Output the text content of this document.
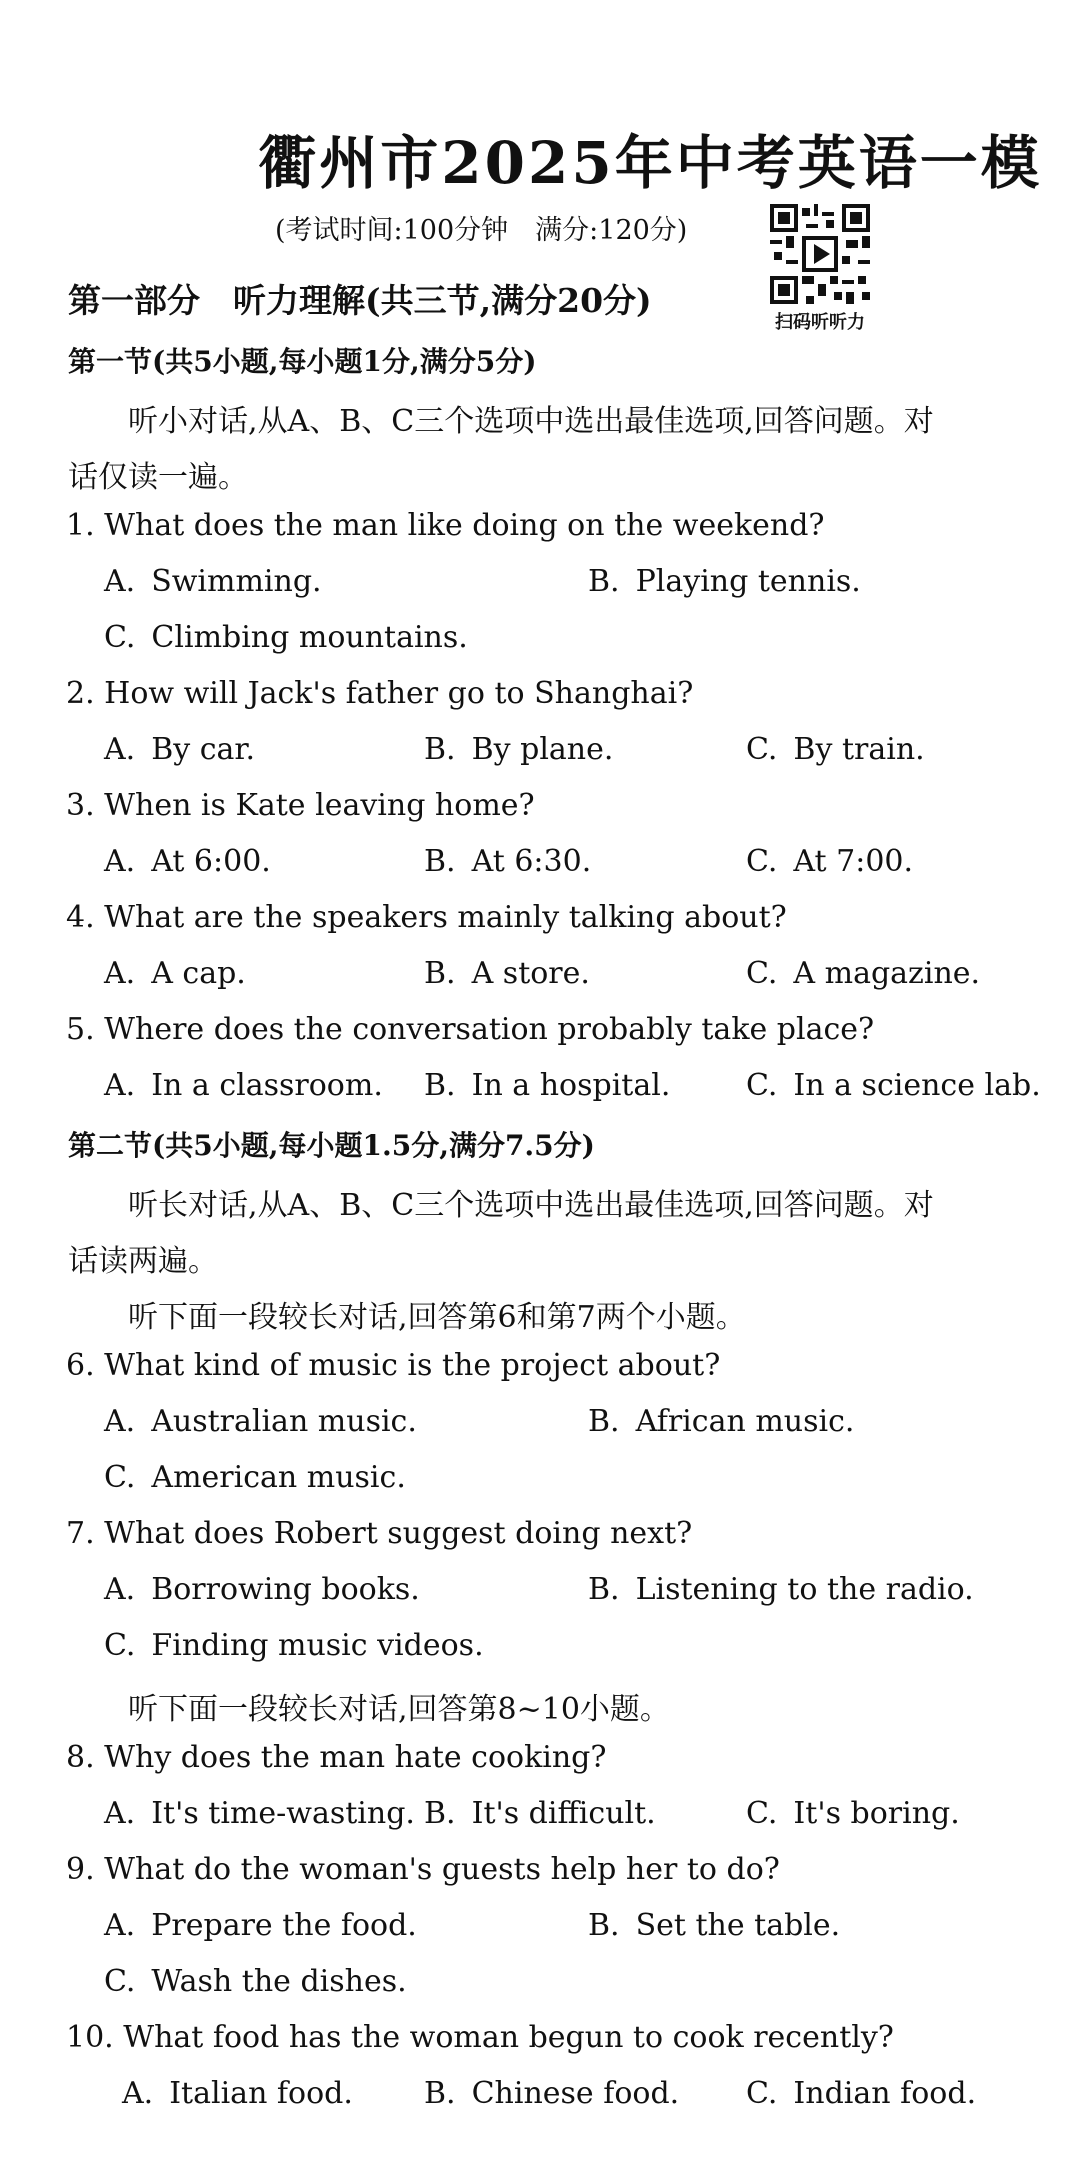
衢州市2025年中考英语一模
(考试时间:100分钟　满分:120分)
扫码听听力
第一部分　听力理解(共三节,满分20分)
第一节(共5小题,每小题1分,满分5分)
听小对话,从A、B、C三个选项中选出最佳选项,回答问题。对
话仅读一遍。
1. What does the man like doing on the weekend?
A. Swimming.	B. Playing tennis.
C. Climbing mountains.
2. How will Jack's father go to Shanghai?
A. By car.	B. By plane.	C. By train.
3. When is Kate leaving home?
A. At 6:00.	B. At 6:30.	C. At 7:00.
4. What are the speakers mainly talking about?
A. A cap.	B. A store.	C. A magazine.
5. Where does the conversation probably take place?
A. In a classroom. B. In a hospital.	C. In a science lab.
第二节(共5小题,每小题1.5分,满分7.5分)
听长对话,从A、B、C三个选项中选出最佳选项,回答问题。对
话读两遍。
听下面一段较长对话,回答第6和第7两个小题。
6. What kind of music is the project about?
A. Australian music.	B. African music.
C. American music.
7. What does Robert suggest doing next?
A. Borrowing books.	B. Listening to the radio.
C. Finding music videos.
听下面一段较长对话,回答第8~10小题。
8. Why does the man hate cooking?
A. It's time-wasting. B. It's difficult.	C. It's boring.
9. What do the woman's guests help her to do?
A. Prepare the food.	B. Set the table.
C. Wash the dishes.
10. What food has the woman begun to cook recently?
A. Italian food. B. Chinese food. C. Indian food.
